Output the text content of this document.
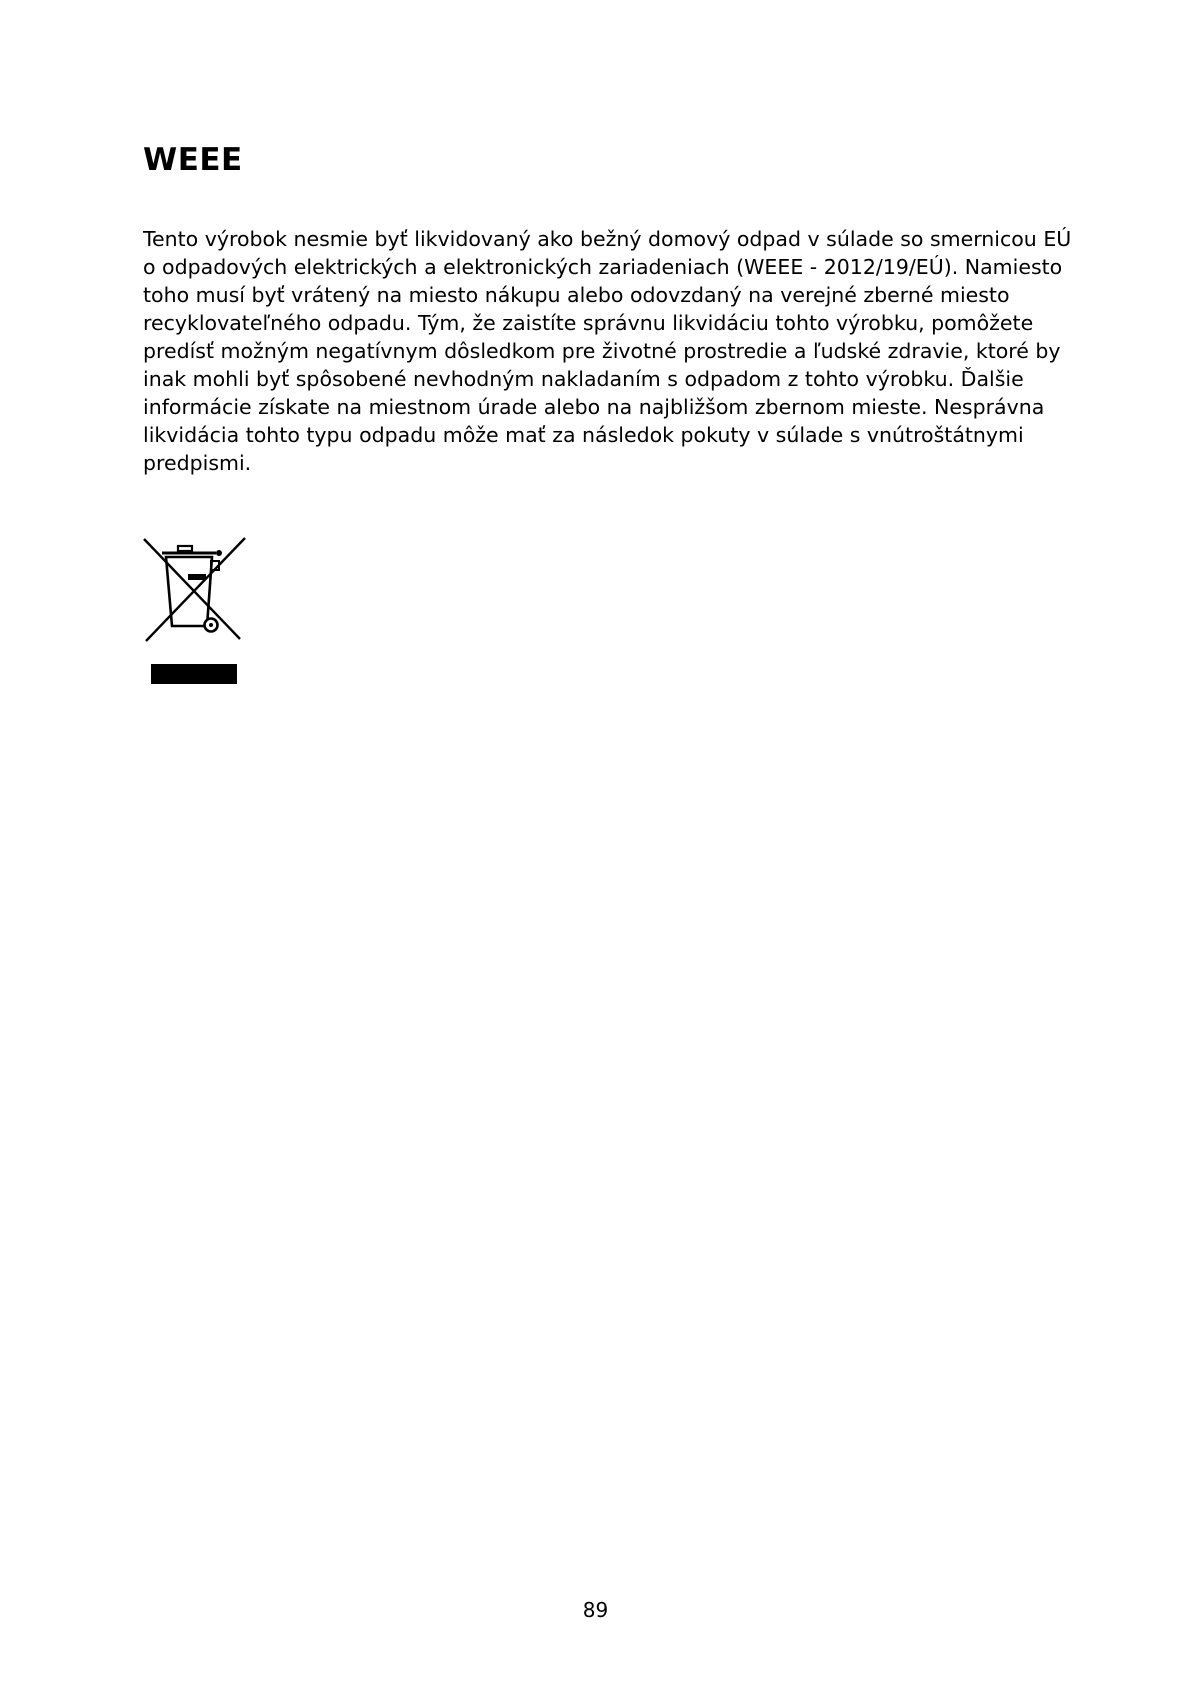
WEEE

Tento výrobok nesmie byť likvidovaný ako bežný domový odpad v súlade so smernicou EÚ
o odpadových elektrických a elektronických zariadeniach (WEEE - 2012/19/EÚ). Namiesto
toho musí byť vrátený na miesto nákupu alebo odovzdaný na verejné zberné miesto
recyklovateľného odpadu. Tým, že zaistíte správnu likvidáciu tohto výrobku, pomôžete
predísť možným negatívnym dôsledkom pre životné prostredie a ľudské zdravie, ktoré by
inak mohli byť spôsobené nevhodným nakladaním s odpadom z tohto výrobku. Ďalšie
informácie získate na miestnom úrade alebo na najbližšom zbernom mieste. Nesprávna
likvidácia tohto typu odpadu môže mať za následok pokuty v súlade s vnútroštátnymi
predpismi.

89
